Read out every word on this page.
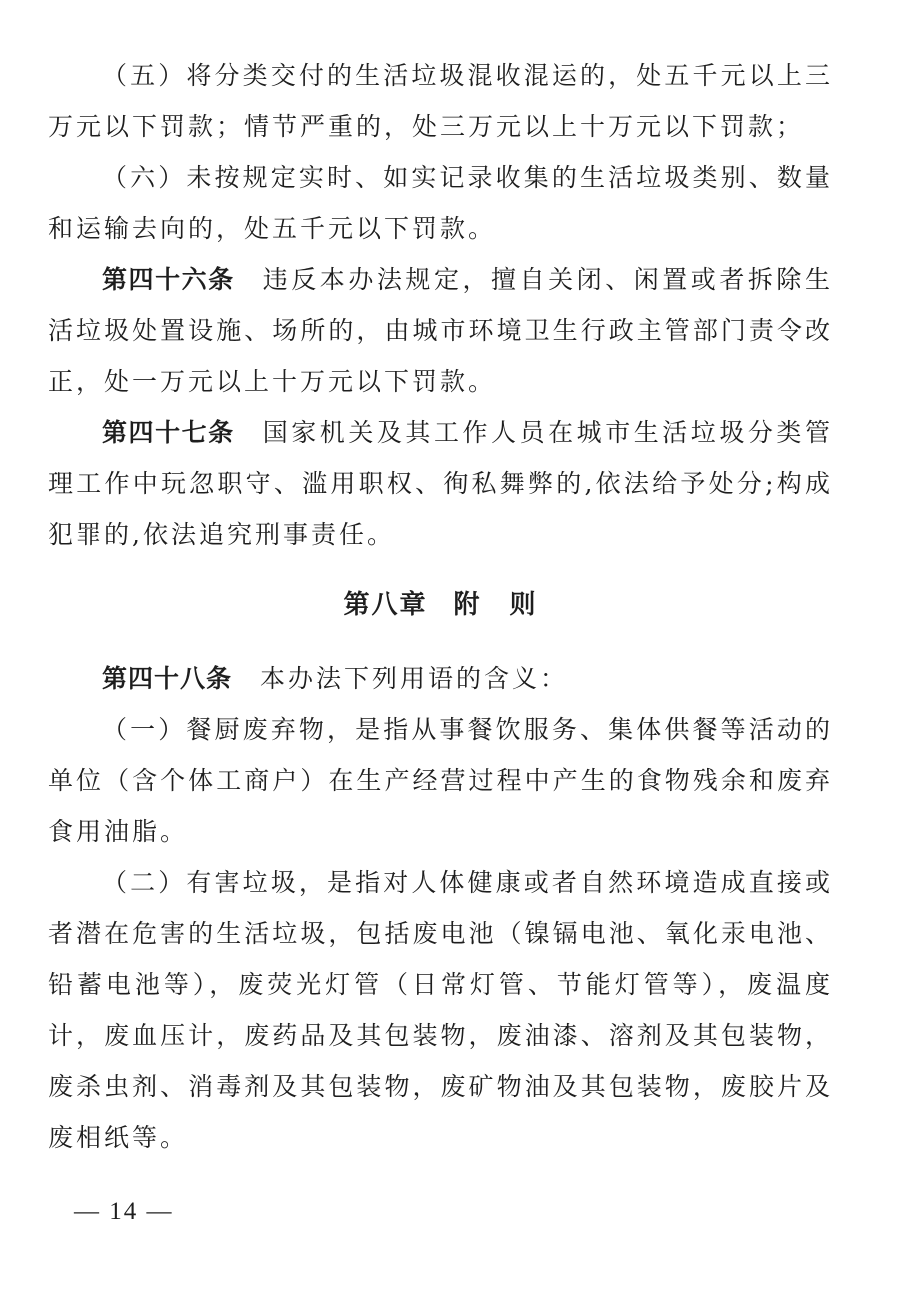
（五）将分类交付的生活垃圾混收混运的，处五千元以上三万元以下罚款；情节严重的，处三万元以上十万元以下罚款；

（六）未按规定实时、如实记录收集的生活垃圾类别、数量和运输去向的，处五千元以下罚款。

第四十六条 违反本办法规定，擅自关闭、闲置或者拆除生活垃圾处置设施、场所的，由城市环境卫生行政主管部门责令改正，处一万元以上十万元以下罚款。

第四十七条 国家机关及其工作人员在城市生活垃圾分类管理工作中玩忽职守、滥用职权、徇私舞弊的,依法给予处分;构成犯罪的,依法追究刑事责任。

第八章 附　则

第四十八条 本办法下列用语的含义：

（一）餐厨废弃物，是指从事餐饮服务、集体供餐等活动的单位（含个体工商户）在生产经营过程中产生的食物残余和废弃食用油脂。

（二）有害垃圾，是指对人体健康或者自然环境造成直接或者潜在危害的生活垃圾，包括废电池（镍镉电池、氧化汞电池、铅蓄电池等），废荧光灯管（日常灯管、节能灯管等），废温度计，废血压计，废药品及其包装物，废油漆、溶剂及其包装物，废杀虫剂、消毒剂及其包装物，废矿物油及其包装物，废胶片及废相纸等。

— 14 —
